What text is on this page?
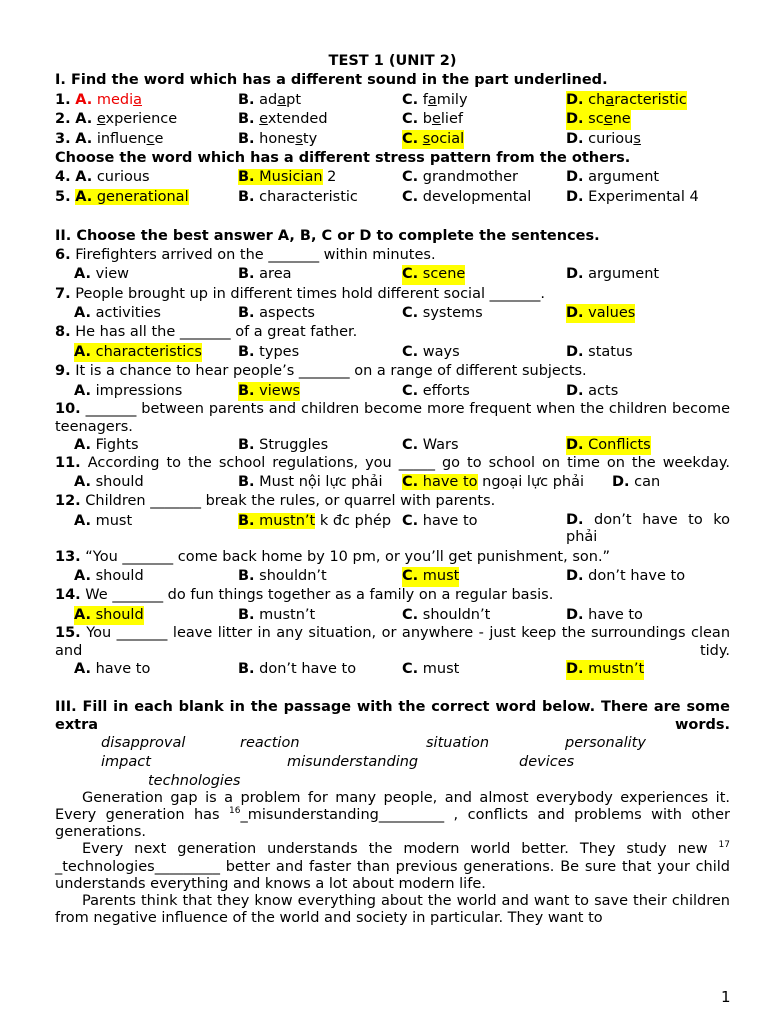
TEST 1 (UNIT 2)
I. Find the word which has a different sound in the part underlined.
1. A. media	B. adapt	C. family	D. characteristic
2. A. experience	B. extended	C. belief	D. scene
3. A. influence	B. honesty	C. social	D. curious
Choose the word which has a different stress pattern from the others.
4. A. curious	B. Musician 2	C. grandmother	D. argument
5. A. generational	B. characteristic	C. developmental D. Experimental 4
II. Choose the best answer A, B, C or D to complete the sentences.
6. Firefighters arrived on the _______ within minutes.
A. view	B. area	C. scene	D. argument
7. People brought up in different times hold different social _______.
A. activities	B. aspects	C. systems	D. values
8. He has all the _______ of a great father.
A. characteristics B. types	C. ways	D. status
9. It is a chance to hear people’s _______ on a range of different subjects.
A. impressions	B. views	C. efforts	D. acts
10. _______ between parents and children become more frequent when the children become teenagers.
A. Fights	B. Struggles	C. Wars	D. Conflicts
11. According to the school regulations, you _____ go to school on time on the weekday.
A. should	B. Must nội lực phải C. have to ngoại lực phải D. can
12. Children _______ break the rules, or quarrel with parents.
A. must	B. mustn’t k đc phép C. have to	D. don’t have to ko phải
13. “You _______ come back home by 10 pm, or you’ll get punishment, son.”
A. should	B. shouldn’t	C. must	D. don’t have to
14. We _______ do fun things together as a family on a regular basis.
A. should	B. mustn’t	C. shouldn’t	D. have to
15. You _______ leave litter in any situation, or anywhere - just keep the surroundings clean and tidy.
A. have to	B. don’t have to	C. must	D. mustn’t
III. Fill in each blank in the passage with the correct word below. There are some extra words.
disapproval	reaction	situation	personality
impact	misunderstanding	devices
technologies

Generation gap is a problem for many people, and almost everybody experiences it. Every generation has $^{16}$_misunderstanding_________ , conflicts and problems with other generations.

Every next generation understands the modern world better. They study new $^{17}$ _technologies_________ better and faster than previous generations. Be sure that your child understands everything and knows a lot about modern life.

Parents think that they know everything about the world and want to save their children from negative influence of the world and society in particular. They want to

1
